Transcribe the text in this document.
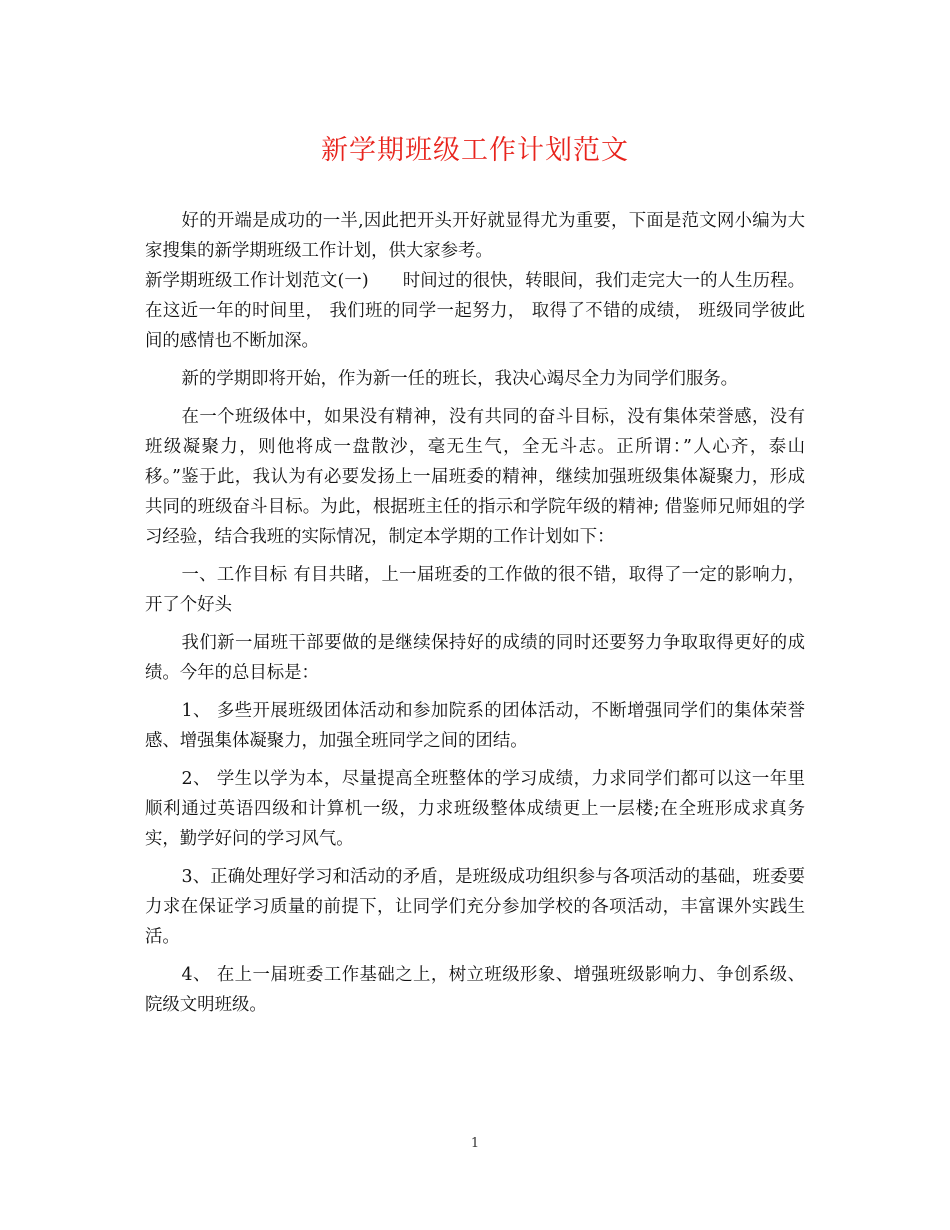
新学期班级工作计划范文

好的开端是成功的一半,因此把开头开好就显得尤为重要，下面是范文网小编为大家搜集的新学期班级工作计划，供大家参考。

新学期班级工作计划范文(一) 时间过的很快，转眼间，我们走完大一的人生历程。在这近一年的时间里， 我们班的同学一起努力， 取得了不错的成绩， 班级同学彼此间的感情也不断加深。

新的学期即将开始，作为新一任的班长，我决心竭尽全力为同学们服务。

在一个班级体中，如果没有精神，没有共同的奋斗目标，没有集体荣誉感，没有班级凝聚力，则他将成一盘散沙，毫无生气，全无斗志。正所谓：”人心齐，泰山移。”鉴于此，我认为有必要发扬上一届班委的精神，继续加强班级集体凝聚力，形成共同的班级奋斗目标。为此，根据班主任的指示和学院年级的精神; 借鉴师兄师姐的学习经验，结合我班的实际情况，制定本学期的工作计划如下：

一、工作目标 有目共睹，上一届班委的工作做的很不错，取得了一定的影响力，开了个好头

我们新一届班干部要做的是继续保持好的成绩的同时还要努力争取取得更好的成绩。今年的总目标是：

1、 多些开展班级团体活动和参加院系的团体活动，不断增强同学们的集体荣誉感、增强集体凝聚力，加强全班同学之间的团结。

2、 学生以学为本，尽量提高全班整体的学习成绩，力求同学们都可以这一年里顺利通过英语四级和计算机一级，力求班级整体成绩更上一层楼;在全班形成求真务实，勤学好问的学习风气。

3、正确处理好学习和活动的矛盾，是班级成功组织参与各项活动的基础，班委要力求在保证学习质量的前提下，让同学们充分参加学校的各项活动，丰富课外实践生活。

4、 在上一届班委工作基础之上，树立班级形象、增强班级影响力、争创系级、院级文明班级。

1
